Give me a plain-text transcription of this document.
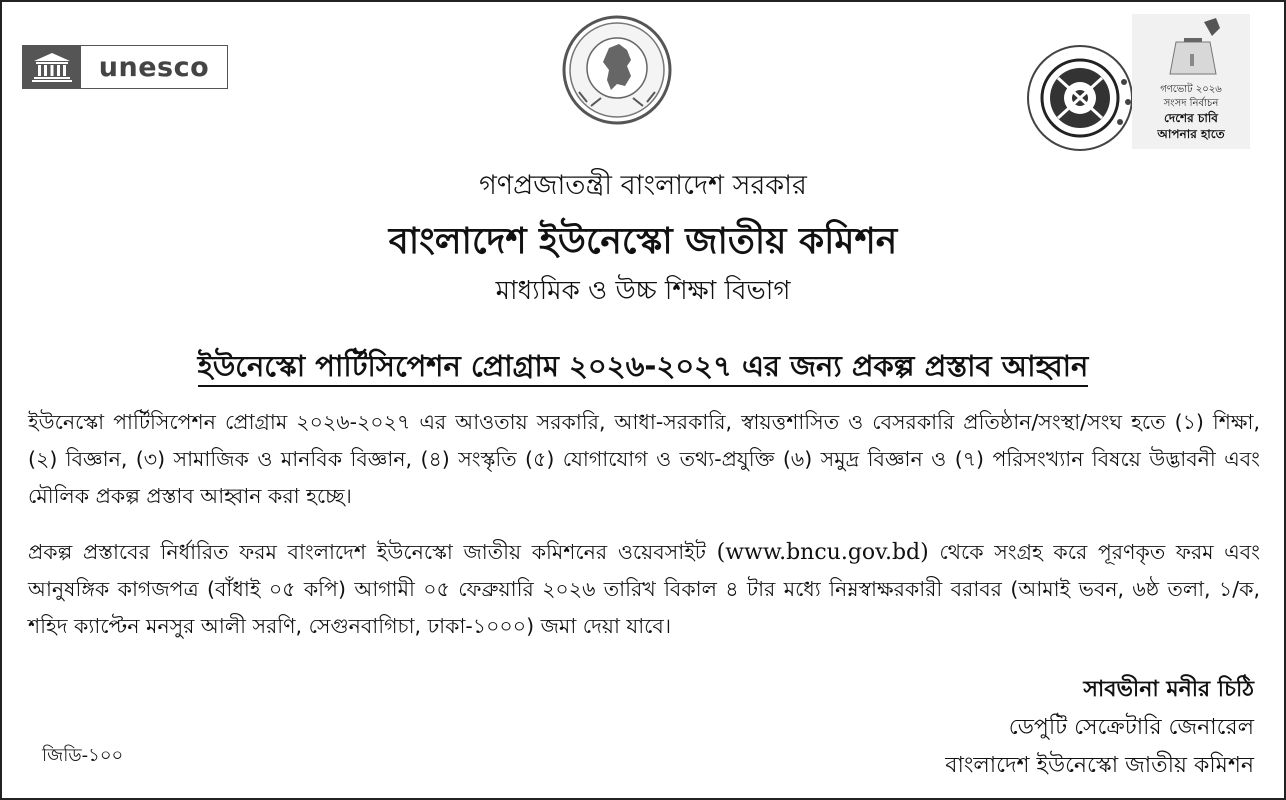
unesco
গণভোট ২০২৬
সংসদ নির্বাচন
দেশের চাবি
আপনার হাতে
গণপ্রজাতন্ত্রী বাংলাদেশ সরকার
বাংলাদেশ ইউনেস্কো জাতীয় কমিশন
মাধ্যমিক ও উচ্চ শিক্ষা বিভাগ
ইউনেস্কো পার্টিসিপেশন প্রোগ্রাম ২০২৬-২০২৭ এর জন্য প্রকল্প প্রস্তাব আহ্বান
ইউনেস্কো পার্টিসিপেশন প্রোগ্রাম ২০২৬-২০২৭ এর আওতায় সরকারি, আধা-সরকারি, স্বায়ত্তশাসিত ও বেসরকারি প্রতিষ্ঠান/সংস্থা/সংঘ হতে (১) শিক্ষা, (২) বিজ্ঞান, (৩) সামাজিক ও মানবিক বিজ্ঞান, (৪) সংস্কৃতি (৫) যোগাযোগ ও তথ্য-প্রযুক্তি (৬) সমুদ্র বিজ্ঞান ও (৭) পরিসংখ্যান বিষয়ে উদ্ভাবনী এবং মৌলিক প্রকল্প প্রস্তাব আহ্বান করা হচ্ছে।
প্রকল্প প্রস্তাবের নির্ধারিত ফরম বাংলাদেশ ইউনেস্কো জাতীয় কমিশনের ওয়েবসাইট (www.bncu.gov.bd) থেকে সংগ্রহ করে পূরণকৃত ফরম এবং আনুষঙ্গিক কাগজপত্র (বাঁধাই ০৫ কপি) আগামী ০৫ ফেব্রুয়ারি ২০২৬ তারিখ বিকাল ৪ টার মধ্যে নিম্নস্বাক্ষরকারী বরাবর (আমাই ভবন, ৬ষ্ঠ তলা, ১/ক, শহিদ ক্যাপ্টেন মনসুর আলী সরণি, সেগুনবাগিচা, ঢাকা-১০০০) জমা দেয়া যাবে।
সাবভীনা মনীর চিঠি
ডেপুটি সেক্রেটারি জেনারেল
বাংলাদেশ ইউনেস্কো জাতীয় কমিশন
জিডি-১০০
